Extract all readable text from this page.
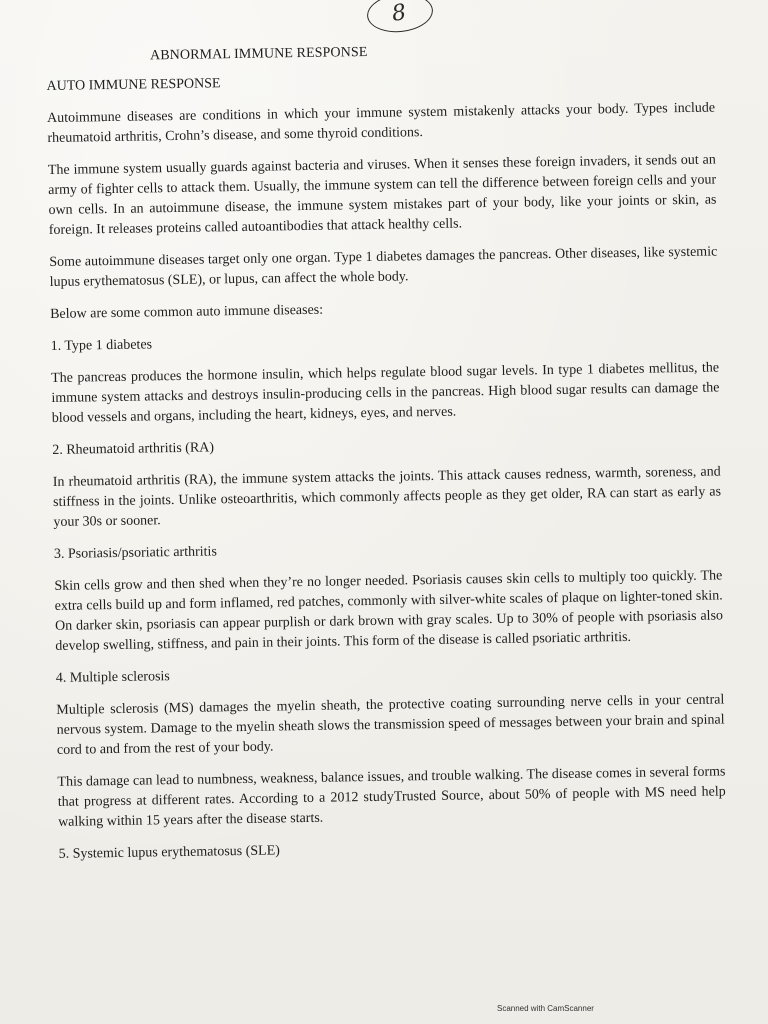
8
ABNORMAL IMMUNE RESPONSE
AUTO IMMUNE RESPONSE

Autoimmune diseases are conditions in which your immune system mistakenly attacks your body. Types include rheumatoid arthritis, Crohn’s disease, and some thyroid conditions.

The immune system usually guards against bacteria and viruses. When it senses these foreign invaders, it sends out an army of fighter cells to attack them. Usually, the immune system can tell the difference between foreign cells and your own cells. In an autoimmune disease, the immune system mistakes part of your body, like your joints or skin, as foreign. It releases proteins called autoantibodies that attack healthy cells.

Some autoimmune diseases target only one organ. Type 1 diabetes damages the pancreas. Other diseases, like systemic lupus erythematosus (SLE), or lupus, can affect the whole body.

Below are some common auto immune diseases:

1. Type 1 diabetes

The pancreas produces the hormone insulin, which helps regulate blood sugar levels. In type 1 diabetes mellitus, the immune system attacks and destroys insulin-producing cells in the pancreas. High blood sugar results can damage the blood vessels and organs, including the heart, kidneys, eyes, and nerves.

2. Rheumatoid arthritis (RA)

In rheumatoid arthritis (RA), the immune system attacks the joints. This attack causes redness, warmth, soreness, and stiffness in the joints. Unlike osteoarthritis, which commonly affects people as they get older, RA can start as early as your 30s or sooner.

3. Psoriasis/psoriatic arthritis

Skin cells grow and then shed when they’re no longer needed. Psoriasis causes skin cells to multiply too quickly. The extra cells build up and form inflamed, red patches, commonly with silver-white scales of plaque on lighter-toned skin. On darker skin, psoriasis can appear purplish or dark brown with gray scales. Up to 30% of people with psoriasis also develop swelling, stiffness, and pain in their joints. This form of the disease is called psoriatic arthritis.

4. Multiple sclerosis

Multiple sclerosis (MS) damages the myelin sheath, the protective coating surrounding nerve cells in your central nervous system. Damage to the myelin sheath slows the transmission speed of messages between your brain and spinal cord to and from the rest of your body.

This damage can lead to numbness, weakness, balance issues, and trouble walking. The disease comes in several forms that progress at different rates. According to a 2012 studyTrusted Source, about 50% of people with MS need help walking within 15 years after the disease starts.

5. Systemic lupus erythematosus (SLE)
Scanned with CamScanner
